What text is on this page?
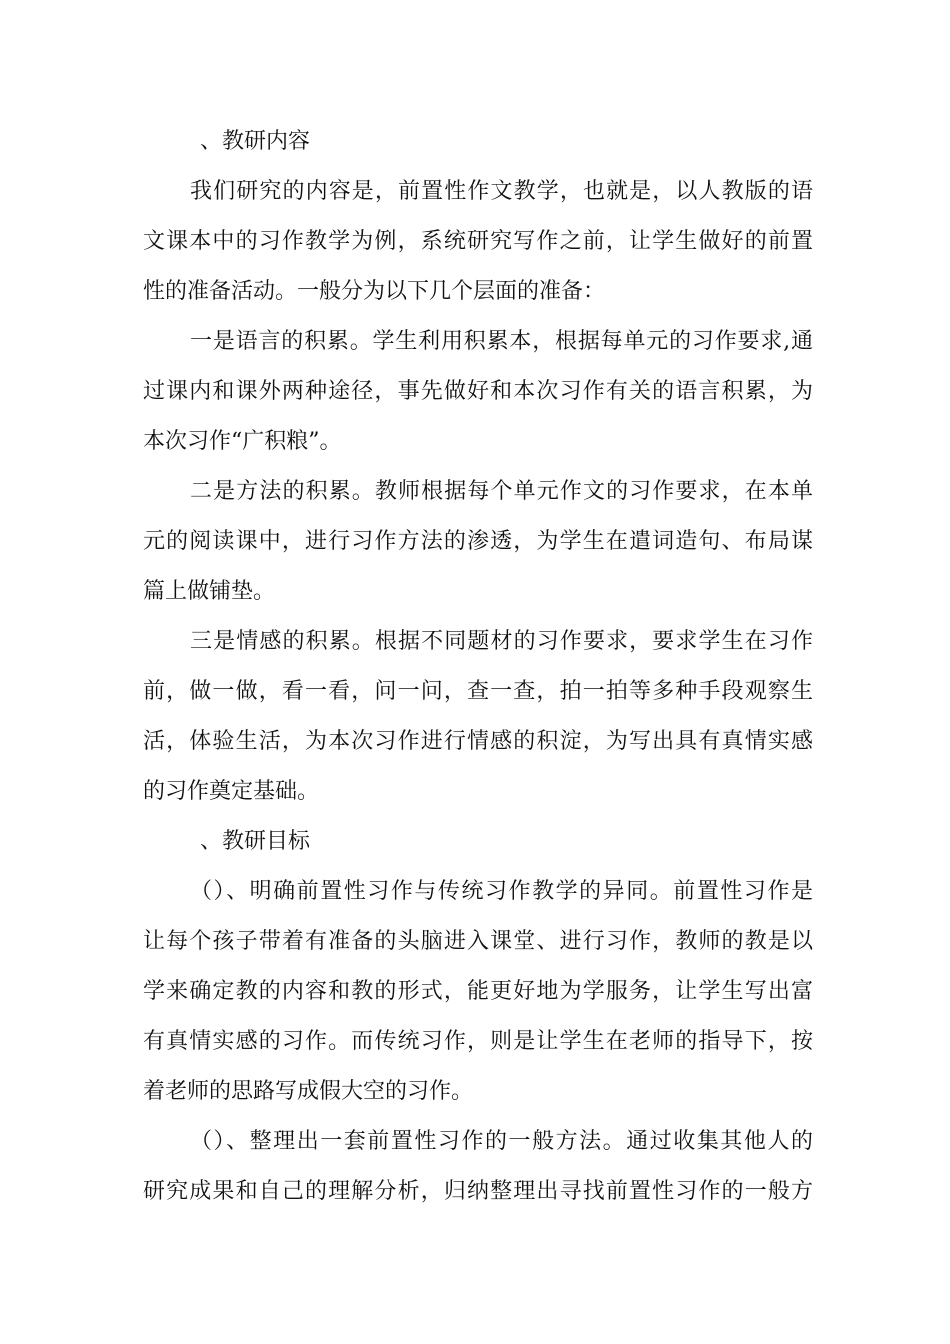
、教研内容
我们研究的内容是，前置性作文教学，也就是，以人教版的语
文课本中的习作教学为例，系统研究写作之前，让学生做好的前置
性的准备活动。一般分为以下几个层面的准备：
一是语言的积累。学生利用积累本，根据每单元的习作要求,通
过课内和课外两种途径，事先做好和本次习作有关的语言积累，为
本次习作“广积粮”。
二是方法的积累。教师根据每个单元作文的习作要求，在本单
元的阅读课中，进行习作方法的渗透，为学生在遣词造句、布局谋
篇上做铺垫。
三是情感的积累。根据不同题材的习作要求，要求学生在习作
前，做一做，看一看，问一问，查一查，拍一拍等多种手段观察生
活，体验生活，为本次习作进行情感的积淀，为写出具有真情实感
的习作奠定基础。
、教研目标
（）、明确前置性习作与传统习作教学的异同。前置性习作是
让每个孩子带着有准备的头脑进入课堂、进行习作，教师的教是以
学来确定教的内容和教的形式，能更好地为学服务，让学生写出富
有真情实感的习作。而传统习作，则是让学生在老师的指导下，按
着老师的思路写成假大空的习作。
（）、整理出一套前置性习作的一般方法。通过收集其他人的
研究成果和自己的理解分析，归纳整理出寻找前置性习作的一般方
